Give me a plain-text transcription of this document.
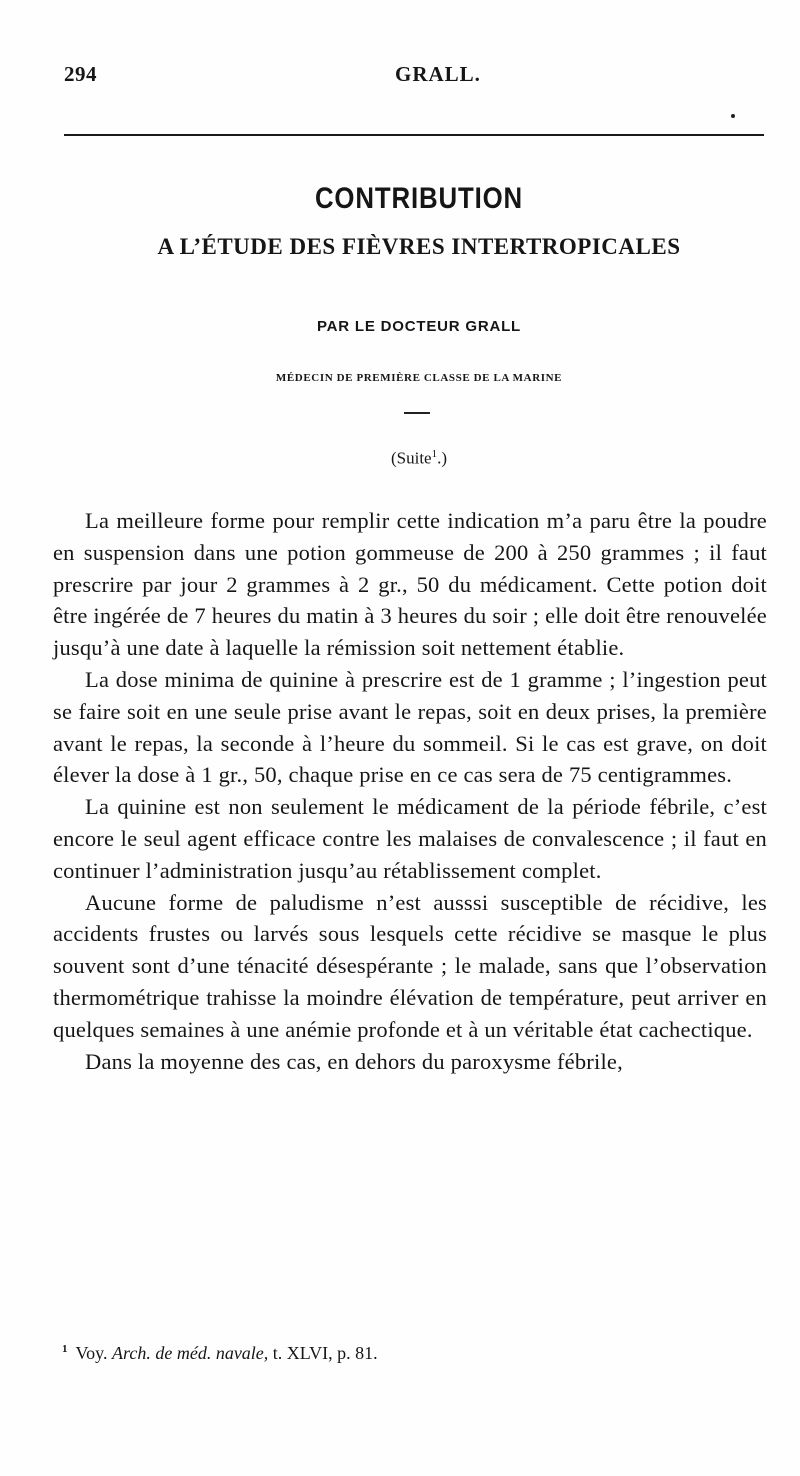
294	GRALL.
CONTRIBUTION
A L’ÉTUDE DES FIÈVRES INTERTROPICALES
PAR LE DOCTEUR GRALL
MÉDECIN DE PREMIÈRE CLASSE DE LA MARINE
(Suite$^1$.)

La meilleure forme pour remplir cette indication m’a paru être la poudre en suspension dans une potion gommeuse de 200 à 250 grammes ; il faut prescrire par jour 2 grammes à 2 gr., 50 du médicament. Cette potion doit être ingérée de 7 heures du matin à 3 heures du soir ; elle doit être renouvelée jusqu’à une date à laquelle la rémission soit nettement établie.

La dose minima de quinine à prescrire est de 1 gramme ; l’ingestion peut se faire soit en une seule prise avant le repas, soit en deux prises, la première avant le repas, la seconde à l’heure du sommeil. Si le cas est grave, on doit élever la dose à 1 gr., 50, chaque prise en ce cas sera de 75 centigrammes.

La quinine est non seulement le médicament de la période fébrile, c’est encore le seul agent efficace contre les malaises de convalescence ; il faut en continuer l’administration jusqu’au rétablissement complet.

Aucune forme de paludisme n’est ausssi susceptible de récidive, les accidents frustes ou larvés sous lesquels cette récidive se masque le plus souvent sont d’une ténacité désespérante ; le malade, sans que l’observation thermométrique trahisse la moindre élévation de température, peut arriver en quelques semaines à une anémie profonde et à un véritable état cachectique.

Dans la moyenne des cas, en dehors du paroxysme fébrile,

$^1$ Voy. Arch. de méd. navale, t. XLVI, p. 81.
